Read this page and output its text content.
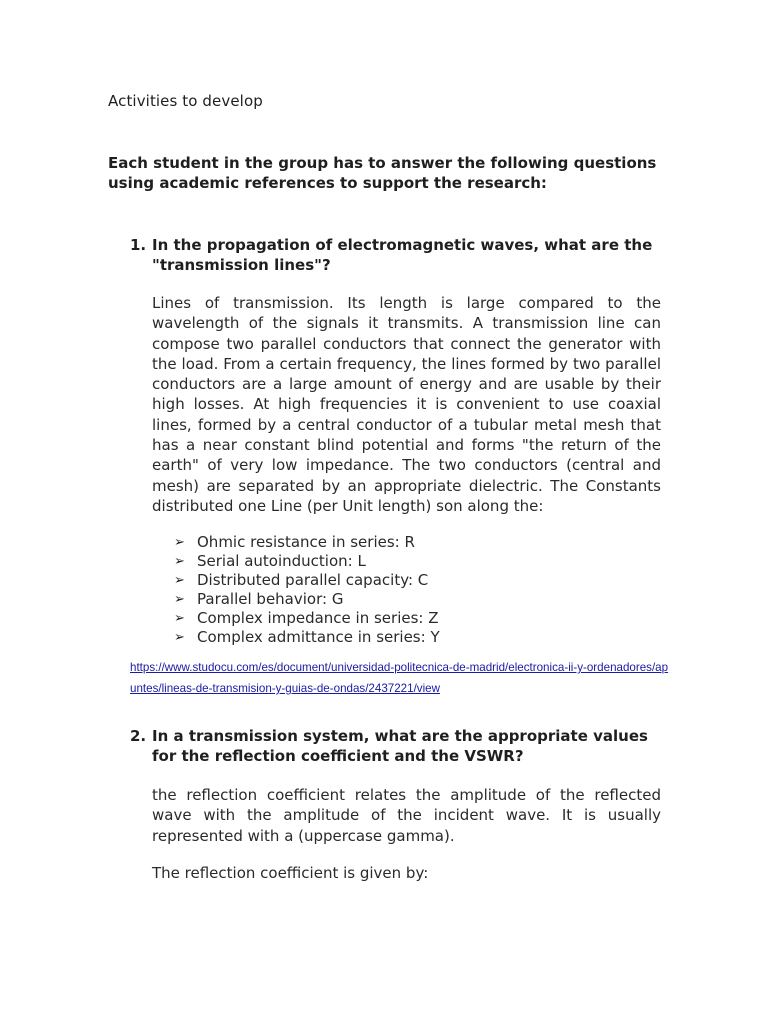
Activities to develop
Each student in the group has to answer the following questions using academic references to support the research:
1. In the propagation of electromagnetic waves, what are the "transmission lines"?
Lines of transmission. Its length is large compared to the wavelength of the signals it transmits. A transmission line can compose two parallel conductors that connect the generator with the load. From a certain frequency, the lines formed by two parallel conductors are a large amount of energy and are usable by their high losses. At high frequencies it is convenient to use coaxial lines, formed by a central conductor of a tubular metal mesh that has a near constant blind potential and forms "the return of the earth" of very low impedance. The two conductors (central and mesh) are separated by an appropriate dielectric. The Constants distributed one Line (per Unit length) son along the:
➢ Ohmic resistance in series: R
➢ Serial autoinduction: L
➢ Distributed parallel capacity: C
➢ Parallel behavior: G
➢ Complex impedance in series: Z
➢ Complex admittance in series: Y
https://www.studocu.com/es/document/universidad-politecnica-de-madrid/electronica-ii-y-ordenadores/apuntes/lineas-de-transmision-y-guias-de-ondas/2437221/view
2. In a transmission system, what are the appropriate values for the reflection coefficient and the VSWR?
the reflection coefficient relates the amplitude of the reflected wave with the amplitude of the incident wave. It is usually represented with a (uppercase gamma).
The reflection coefficient is given by:
